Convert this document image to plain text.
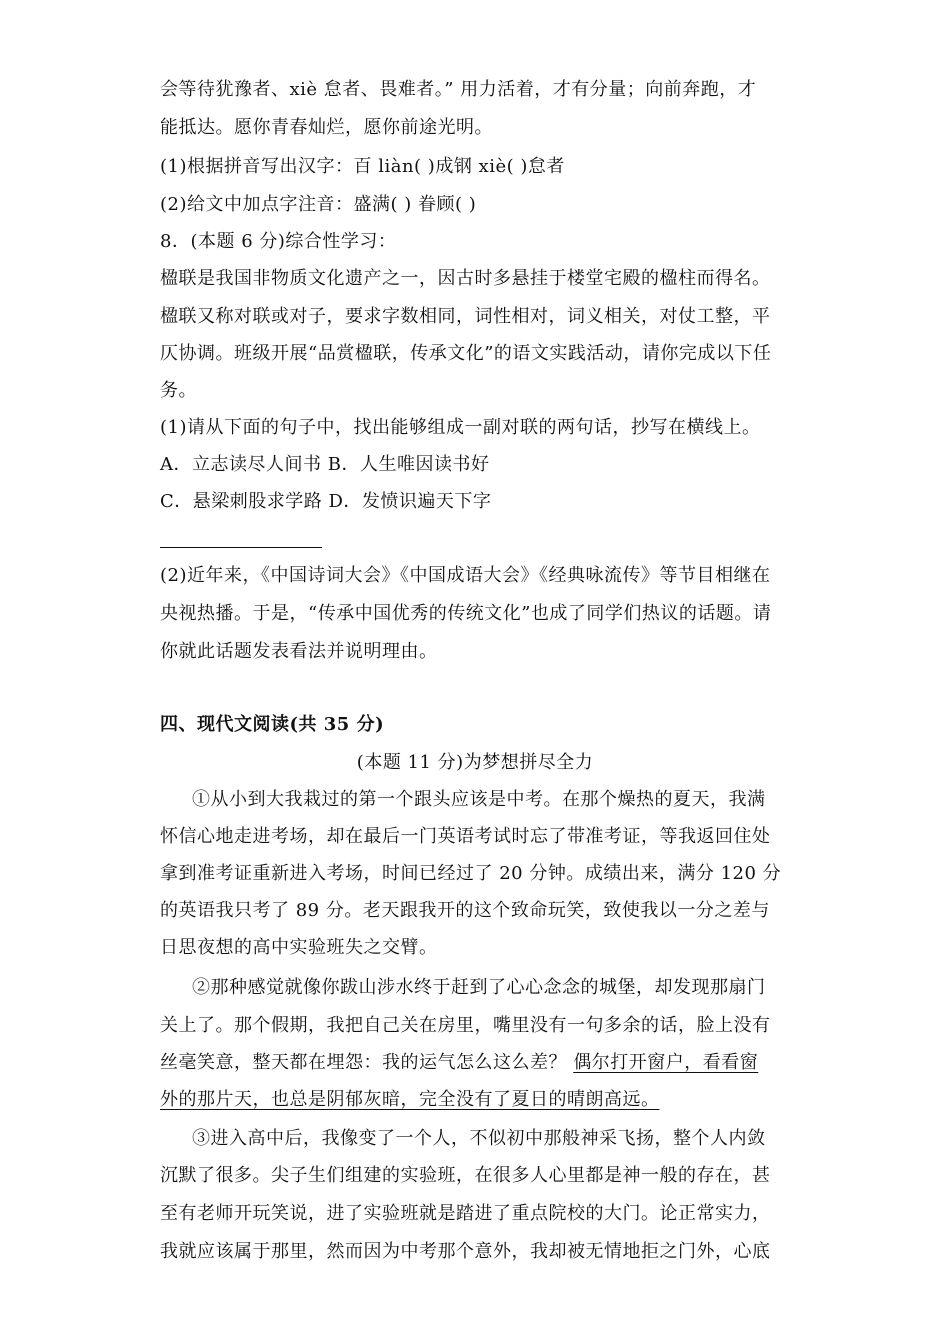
会等待犹豫者、xiè 怠者、畏难者。” 用力活着，才有分量；向前奔跑，才
能抵达。愿你青春灿烂，愿你前途光明。
(1)根据拼音写出汉字：百 liàn( )成钢 xiè( )怠者
(2)给文中加点字注音：盛满( ) 眷顾( )
8．(本题 6 分)综合性学习：
楹联是我国非物质文化遗产之一，因古时多悬挂于楼堂宅殿的楹柱而得名。
楹联又称对联或对子，要求字数相同，词性相对，词义相关，对仗工整，平
仄协调。班级开展“品赏楹联，传承文化”的语文实践活动，请你完成以下任
务。
(1)请从下面的句子中，找出能够组成一副对联的两句话，抄写在横线上。
A．立志读尽人间书 B．人生唯因读书好
C．悬梁刺股求学路 D．发愤识遍天下字
(2)近年来，《中国诗词大会》《中国成语大会》《经典咏流传》等节目相继在
央视热播。于是，“传承中国优秀的传统文化”也成了同学们热议的话题。请
你就此话题发表看法并说明理由。
四、现代文阅读(共 35 分)
(本题 11 分)为梦想拼尽全力
①从小到大我栽过的第一个跟头应该是中考。在那个燥热的夏天，我满
怀信心地走进考场，却在最后一门英语考试时忘了带准考证，等我返回住处
拿到准考证重新进入考场，时间已经过了 20 分钟。成绩出来，满分 120 分
的英语我只考了 89 分。老天跟我开的这个致命玩笑，致使我以一分之差与
日思夜想的高中实验班失之交臂。
②那种感觉就像你跋山涉水终于赶到了心心念念的城堡，却发现那扇门
关上了。那个假期，我把自己关在房里，嘴里没有一句多余的话，脸上没有
丝毫笑意，整天都在埋怨：我的运气怎么这么差？ 偶尔打开窗户，看看窗
外的那片天，也总是阴郁灰暗，完全没有了夏日的晴朗高远。
③进入高中后，我像变了一个人，不似初中那般神采飞扬，整个人内敛
沉默了很多。尖子生们组建的实验班，在很多人心里都是神一般的存在，甚
至有老师开玩笑说，进了实验班就是踏进了重点院校的大门。论正常实力，
我就应该属于那里，然而因为中考那个意外，我却被无情地拒之门外，心底
